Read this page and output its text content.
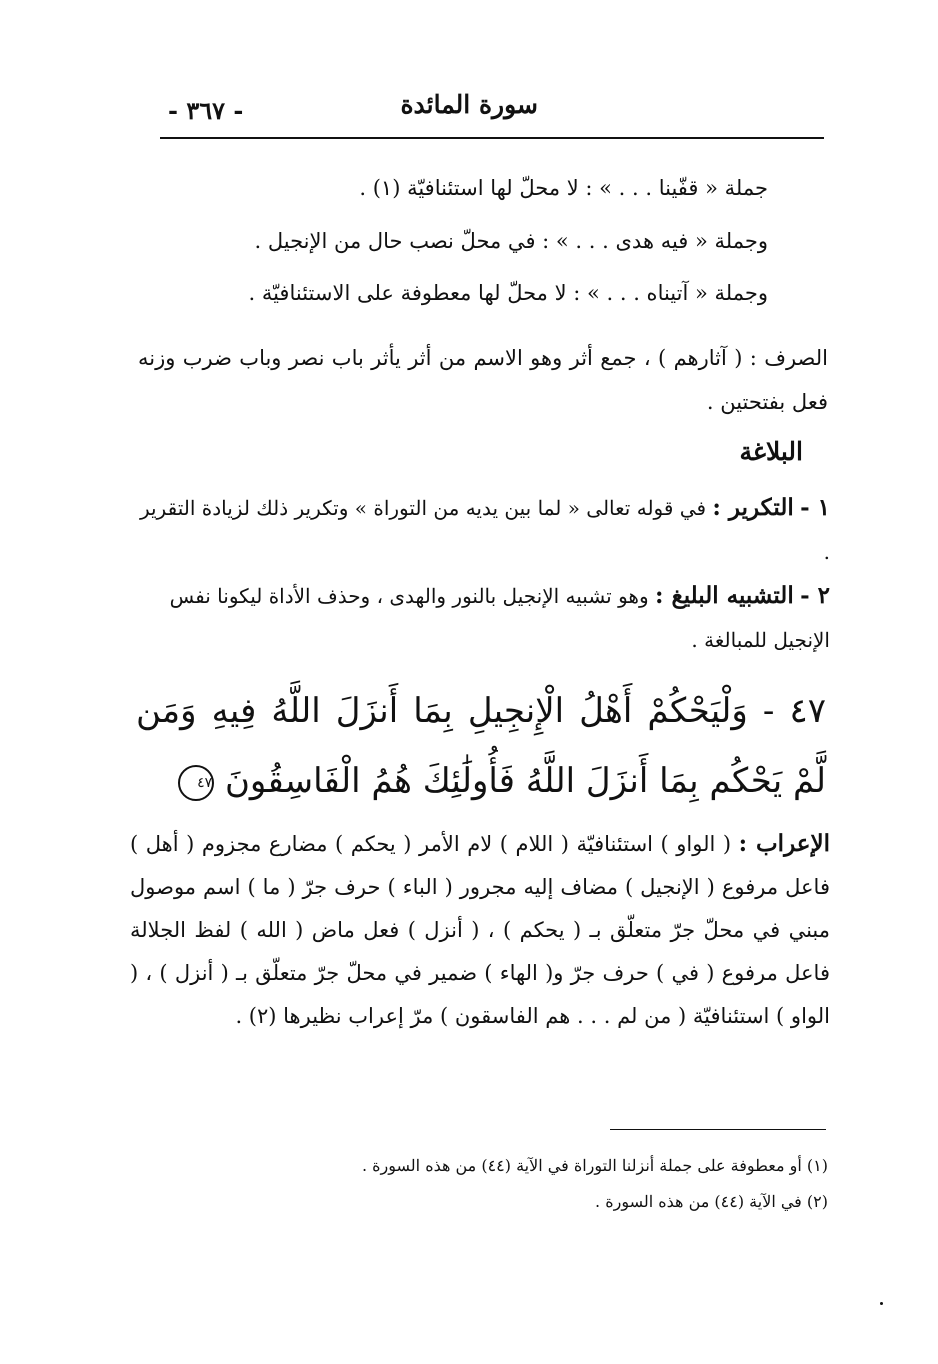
سورة المائدة
- ٣٦٧ -
جملة « قفّينا . . . » : لا محلّ لها استئنافيّة (١) .
وجملة « فيه هدى . . . » : في محلّ نصب حال من الإنجيل .
وجملة « آتيناه . . . » : لا محلّ لها معطوفة على الاستئنافيّة .
الصرف : ( آثارهم ) ، جمع أثر وهو الاسم من أثر يأثر باب نصر وباب ضرب وزنه فعل بفتحتين .
البلاغة
١ - التكرير : في قوله تعالى « لما بين يديه من التوراة » وتكرير ذلك لزيادة التقرير .
٢ - التشبيه البليغ : وهو تشبيه الإنجيل بالنور والهدى ، وحذف الأداة ليكونا نفس الإنجيل للمبالغة .
٤٧ - وَلْيَحْكُمْ أَهْلُ الْإِنجِيلِ بِمَا أَنزَلَ اللَّهُ فِيهِ وَمَن لَّمْ يَحْكُم بِمَا أَنزَلَ اللَّهُ فَأُولَٰئِكَ هُمُ الْفَاسِقُونَ ٤٧
الإعراب : ( الواو ) استئنافيّة ( اللام ) لام الأمر ( يحكم ) مضارع مجزوم ( أهل ) فاعل مرفوع ( الإنجيل ) مضاف إليه مجرور ( الباء ) حرف جرّ ( ما ) اسم موصول مبني في محلّ جرّ متعلّق بـ ( يحكم ) ، ( أنزل ) فعل ماض ( الله ) لفظ الجلالة فاعل مرفوع ( في ) حرف جرّ و( الهاء ) ضمير في محلّ جرّ متعلّق بـ ( أنزل ) ، ( الواو ) استئنافيّة ( من لم . . . هم الفاسقون ) مرّ إعراب نظيرها (٢) .
(١) أو معطوفة على جملة أنزلنا التوراة في الآية (٤٤) من هذه السورة .
(٢) في الآية (٤٤) من هذه السورة .
